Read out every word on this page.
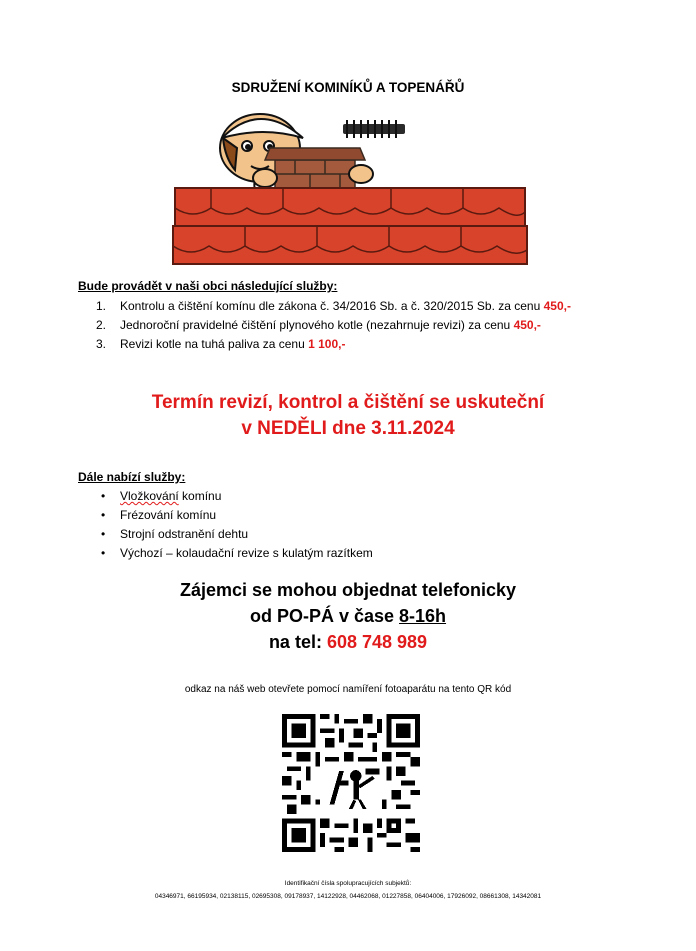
SDRUŽENÍ KOMINÍKŮ A TOPENÁŘŮ
Bude provádět v naši obci následující služby:
1. Kontrolu a čištění komínu dle zákona č. 34/2016 Sb. a č. 320/2015 Sb. za cenu 450,-
2. Jednoroční pravidelné čištění plynového kotle (nezahrnuje revizi) za cenu 450,-
3. Revizi kotle na tuhá paliva za cenu 1 100,-
Termín revizí, kontrol a čištění se uskuteční
v NEDĚLI dne 3.11.2024
Dále nabízí služby:
• Vložkování komínu
• Frézování komínu
• Strojní odstranění dehtu
• Výchozí – kolaudační revize s kulatým razítkem
Zájemci se mohou objednat telefonicky
od PO-PÁ v čase 8-16h
na tel: 608 748 989
odkaz na náš web otevřete pomocí namíření fotoaparátu na tento QR kód
Identifikační čísla spolupracujících subjektů:
04346971, 66195934, 02138115, 02695308, 09178937, 14122928, 04462068, 01227858, 06404006, 17926092, 08661308, 14342081
